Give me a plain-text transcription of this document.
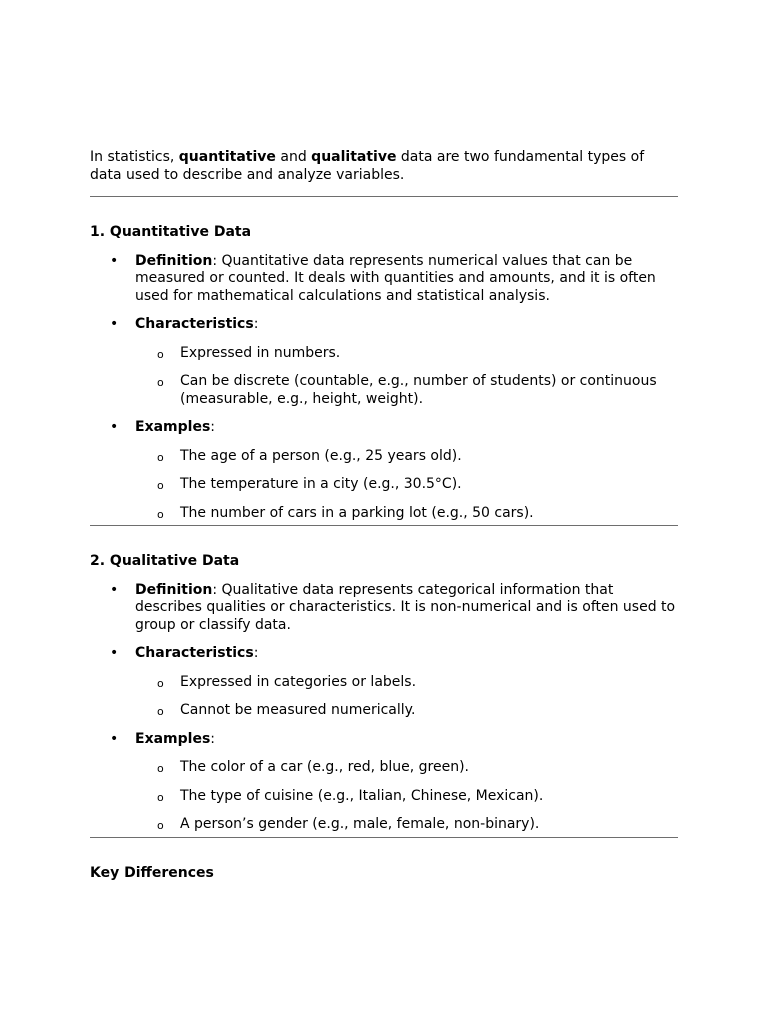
In statistics, quantitative and qualitative data are two fundamental types of data used to describe and analyze variables.

1. Quantitative Data

• Definition: Quantitative data represents numerical values that can be measured or counted. It deals with quantities and amounts, and it is often used for mathematical calculations and statistical analysis.
• Characteristics:
o Expressed in numbers.
o Can be discrete (countable, e.g., number of students) or continuous (measurable, e.g., height, weight).
• Examples:
o The age of a person (e.g., 25 years old).
o The temperature in a city (e.g., 30.5°C).
o The number of cars in a parking lot (e.g., 50 cars).

2. Qualitative Data

• Definition: Qualitative data represents categorical information that describes qualities or characteristics. It is non-numerical and is often used to group or classify data.
• Characteristics:
o Expressed in categories or labels.
o Cannot be measured numerically.
• Examples:
o The color of a car (e.g., red, blue, green).
o The type of cuisine (e.g., Italian, Chinese, Mexican).
o A person’s gender (e.g., male, female, non-binary).

Key Differences
